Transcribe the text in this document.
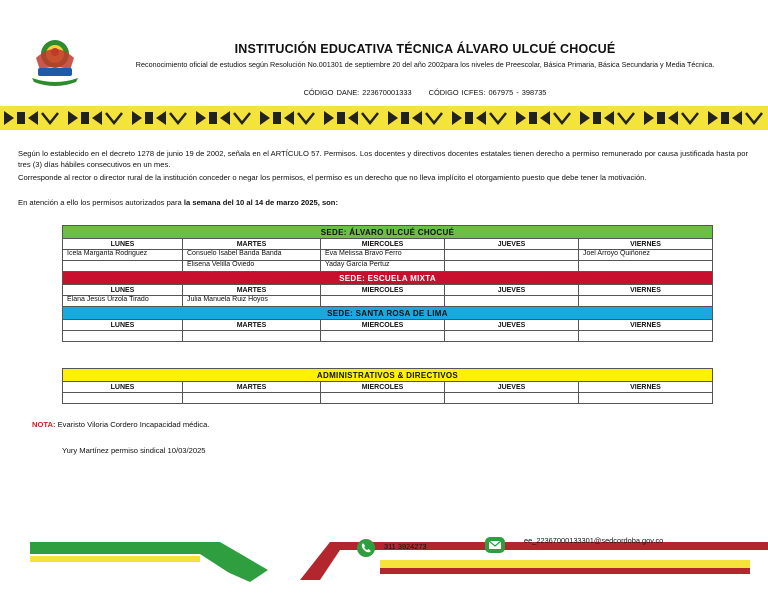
INSTITUCIÓN EDUCATIVA TÉCNICA ÁLVARO ULCUÉ CHOCUÉ
Reconocimiento oficial de estudios según Resolución No.001301 de septiembre 20 del año 2002para los niveles de Preescolar, Básica Primaria, Básica Secundaria y Media Técnica.
CÓDIGO DANE: 223670001333 CÓDIGO ICFES: 067975 - 398735
Según lo establecido en el decreto 1278 de junio 19 de 2002, señala en el ARTÍCULO 57. Permisos. Los docentes y directivos docentes estatales tienen derecho a permiso remunerado por causa justificada hasta por tres (3) días hábiles consecutivos en un mes.
Corresponde al rector o director rural de la institución conceder o negar los permisos, el permiso es un derecho que no lleva implícito el otorgamiento puesto que debe tener la motivación.
En atención a ello los permisos autorizados para la semana del 10 al 14 de marzo 2025, son:
SEDE: ÁLVARO ULCUÉ CHOCUÉ				
LUNES	MARTES	MIERCOLES	JUEVES	VIERNES
Icela Margarita Rodriguez	Consuelo Isabel Banda Banda	Eva Melissa Bravo Ferro		Joel Arroyo Quiñonez
	Elisena Velilla Oviedo	Yaday García Pertuz		
SEDE: ESCUELA MIXTA				
LUNES	MARTES	MIERCOLES	JUEVES	VIERNES
Elana Jesús Urzola Tirado	Julia Manuela Ruiz Hoyos			
SEDE: SANTA ROSA DE LIMA				
LUNES	MARTES	MIERCOLES	JUEVES	VIERNES

ADMINISTRATIVOS & DIRECTIVOS				
LUNES	MARTES	MIERCOLES	JUEVES	VIERNES

NOTA: Evaristo Viloria Cordero Incapacidad médica.
Yury Martínez permiso sindical 10/03/2025
311 3924273
ee_22367000133301@sedcordoba.gov.co
